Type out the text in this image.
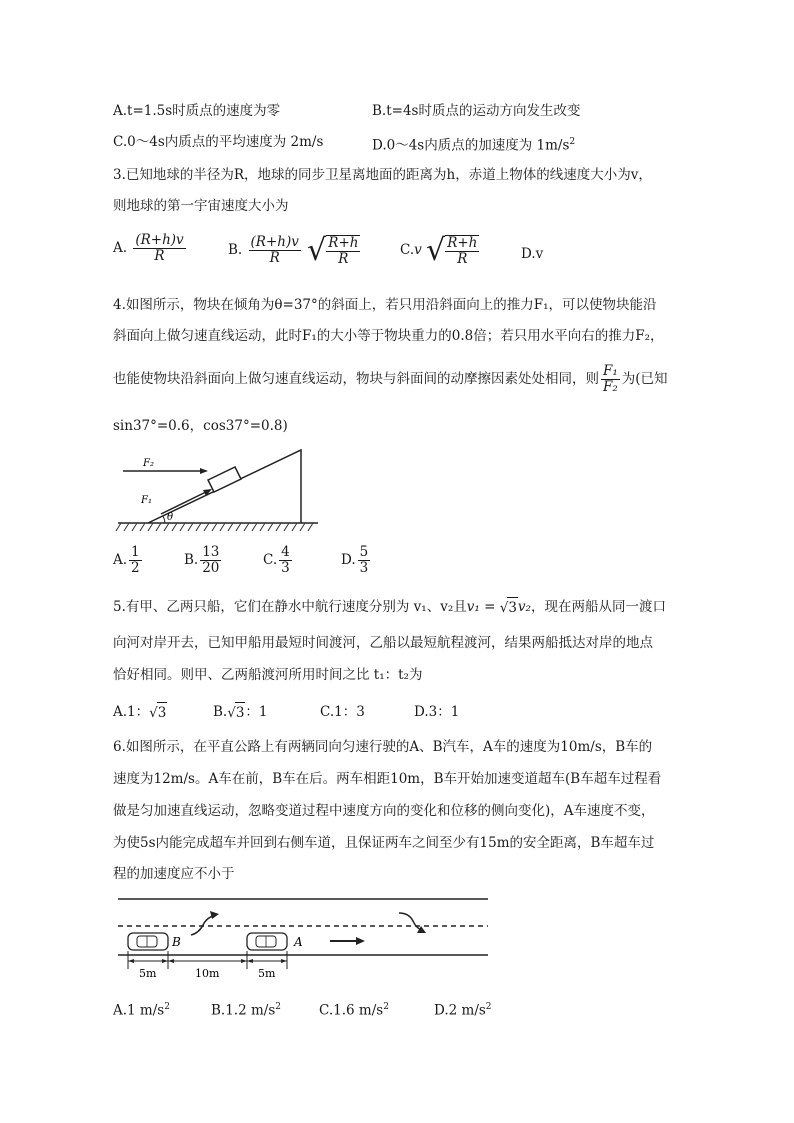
A.t=1.5s时质点的速度为零	B.t=4s时质点的运动方向发生改变
C.0～4s内质点的平均速度为 2m/s	D.0～4s内质点的加速度为 $1m/s^2$
3.已知地球的半径为R，地球的同步卫星离地面的距离为h，赤道上物体的线速度大小为v，
则地球的第一宇宙速度大小为
A. $\frac{(R+h)v}{R}$	B. $\frac{(R+h)v}{R}$ √ $\frac{R+h}{R}$	C.v √ $\frac{R+h}{R}$	D.v
4.如图所示，物块在倾角为θ=37°的斜面上，若只用沿斜面向上的推力F₁，可以使物块能沿
斜面向上做匀速直线运动，此时F₁的大小等于物块重力的0.8倍；若只用水平向右的推力F₂，
也能使物块沿斜面向上做匀速直线运动，物块与斜面间的动摩擦因素处处相同，则 $\frac{\text{F₁}}{\text{F₂}}$ 为(已知
sin37°=0.6，cos37°=0.8)
F₂
F₁
θ
A. $\frac{1}{2}$	B. $\frac{13}{20}$	C. $\frac{4}{3}$	D. $\frac{5}{3}$
5.有甲、乙两只船，它们在静水中航行速度分别为 v₁、v₂且v₁ = √3v₂，现在两船从同一渡口
向河对岸开去，已知甲船用最短时间渡河，乙船以最短航程渡河，结果两船抵达对岸的地点
恰好相同。则甲、乙两船渡河所用时间之比 t₁：t₂为
A.1：√3	B.√3：1	C.1：3	D.3：1
6.如图所示，在平直公路上有两辆同向匀速行驶的A、B汽车，A车的速度为10m/s，B车的
速度为12m/s。A车在前，B车在后。两车相距10m，B车开始加速变道超车(B车超车过程看
做是匀加速直线运动，忽略变道过程中速度方向的变化和位移的侧向变化)，A车速度不变，
为使5s内能完成超车并回到右侧车道，且保证两车之间至少有15m的安全距离，B车超车过
程的加速度应不小于
B	A
5m	10m	5m
A.1 $m/s^2$	B.1.2 $m/s^2$	C.1.6 $m/s^2$	D.2 $m/s^2$
